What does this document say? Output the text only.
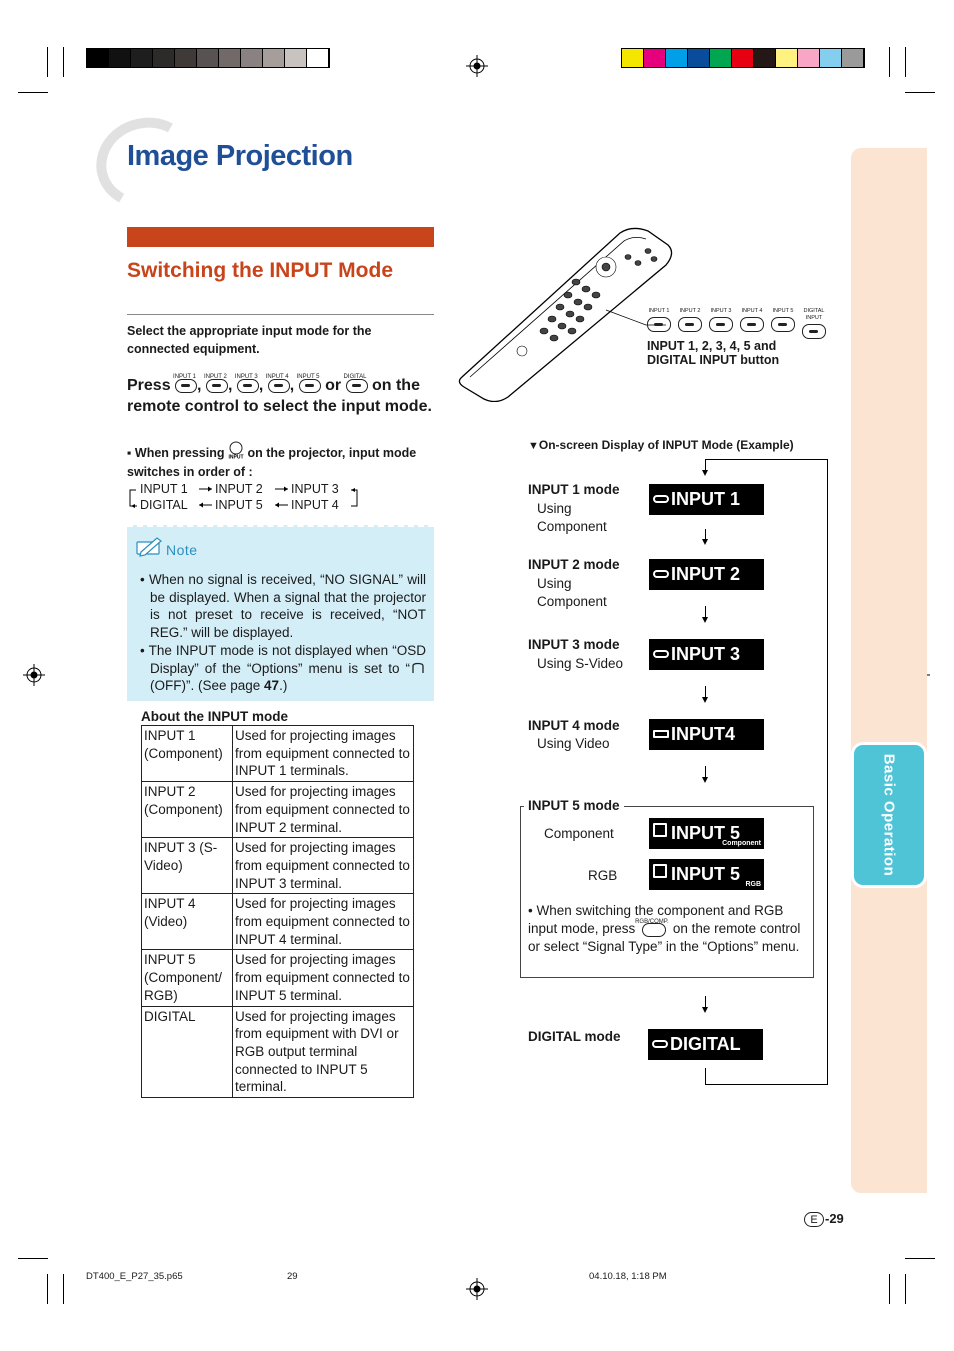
Basic Operation
Image Projection
Switching the INPUT Mode
Select the appropriate input mode for the connected equipment.
Press INPUT 1 ,
INPUT 2 ,
INPUT 3 ,
INPUT 4 ,
INPUT 5 or DIGITAL on the remote control to select the input mode.
▪ When pressing INPUT on the projector, input mode switches in order of :
INPUT 1 INPUT 2 INPUT 3
DIGITAL INPUT 5 INPUT 4
Note
• When no signal is received, “NO SIGNAL” will be displayed. When a signal that the projector is not preset to receive is received, “NOT REG.” will be displayed.
• The INPUT mode is not displayed when “OSD Display” of the “Options” menu is set to “ (OFF)”. (See page 47.)
About the INPUT mode
INPUT 1 (Component)	Used for projecting images from equipment connected to INPUT 1 terminals.
INPUT 2 (Component)	Used for projecting images from equipment connected to INPUT 2 terminal.
INPUT 3 (S-Video)	Used for projecting images from equipment connected to INPUT 3 terminal.
INPUT 4 (Video)	Used for projecting images from equipment connected to INPUT 4 terminal.
INPUT 5 (Component/ RGB)	Used for projecting images from equipment connected to INPUT 5 terminal.
DIGITAL	Used for projecting images from equipment with DVI or RGB output terminal connected to INPUT 5 terminal.
INPUT 1	INPUT 2	INPUT 3	INPUT 4	INPUT 5	DIGITAL INPUT
INPUT 1, 2, 3, 4, 5 and DIGITAL INPUT button
▼On-screen Display of INPUT Mode (Example)
INPUT 1 mode
Using Component
INPUT 1
INPUT 2 mode
Using Component
INPUT 2
INPUT 3 mode
Using S-Video	INPUT 3
INPUT 4 mode
Using Video	INPUT4
INPUT 5 mode
Component	INPUT 5
Component
RGB	INPUT 5
RGB
• When switching the component and RGB input mode, press RGB/COMP. on the remote control or select “Signal Type” in the “Options” menu.
DIGITAL mode	DIGITAL
E -29
DT400_E_P27_35.p65	29	04.10.18, 1:18 PM
